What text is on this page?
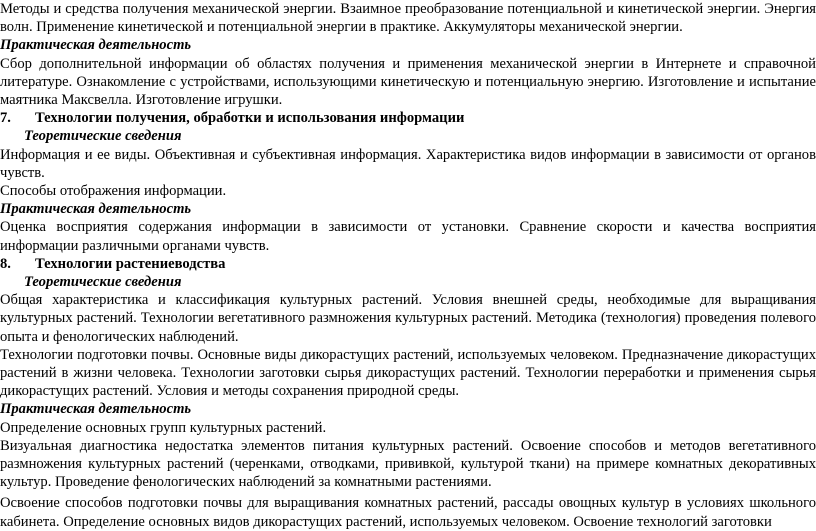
Методы и средства получения механической энергии. Взаимное преобразование потенциальной и кинетической энергии. Энергия волн. Применение кинетической и потенциальной энергии в практике. Аккумуляторы механической энергии.

Практическая деятельность

Сбор дополнительной информации об областях получения и применения механической энергии в Интернете и справочной литературе. Ознакомление с устройствами, использующими кинетическую и потенциальную энергию. Изготовление и испытание маятника Максвелла. Изготовление игрушки.

7.	Технологии получения, обработки и использования информации

Теоретические сведения

Информация и ее виды. Объективная и субъективная информация. Характеристика видов информации в зависимости от органов чувств.

Способы отображения информации.

Практическая деятельность

Оценка восприятия содержания информации в зависимости от установки. Сравнение скорости и качества восприятия информации различными органами чувств.

8.	Технологии растениеводства

Теоретические сведения

Общая характеристика и классификация культурных растений. Условия внешней среды, необходимые для выращивания культурных растений. Технологии вегетативного размножения культурных растений. Методика (технология) проведения полевого опыта и фенологических наблюдений.

Технологии подготовки почвы. Основные виды дикорастущих растений, используемых человеком. Предназначение дикорастущих растений в жизни человека. Технологии заготовки сырья дикорастущих растений. Технологии переработки и применения сырья дикорастущих растений. Условия и методы сохранения природной среды.

Практическая деятельность

Определение основных групп культурных растений.

Визуальная диагностика недостатка элементов питания культурных растений. Освоение способов и методов вегетативного размножения культурных растений (черенками, отводками, прививкой, культурой ткани) на примере комнатных декоративных культур. Проведение фенологических наблюдений за комнатными растениями.

Освоение способов подготовки почвы для выращивания комнатных растений, рассады овощных культур в условиях школьного кабинета. Определение основных видов дикорастущих растений, используемых человеком. Освоение технологий заготовки
